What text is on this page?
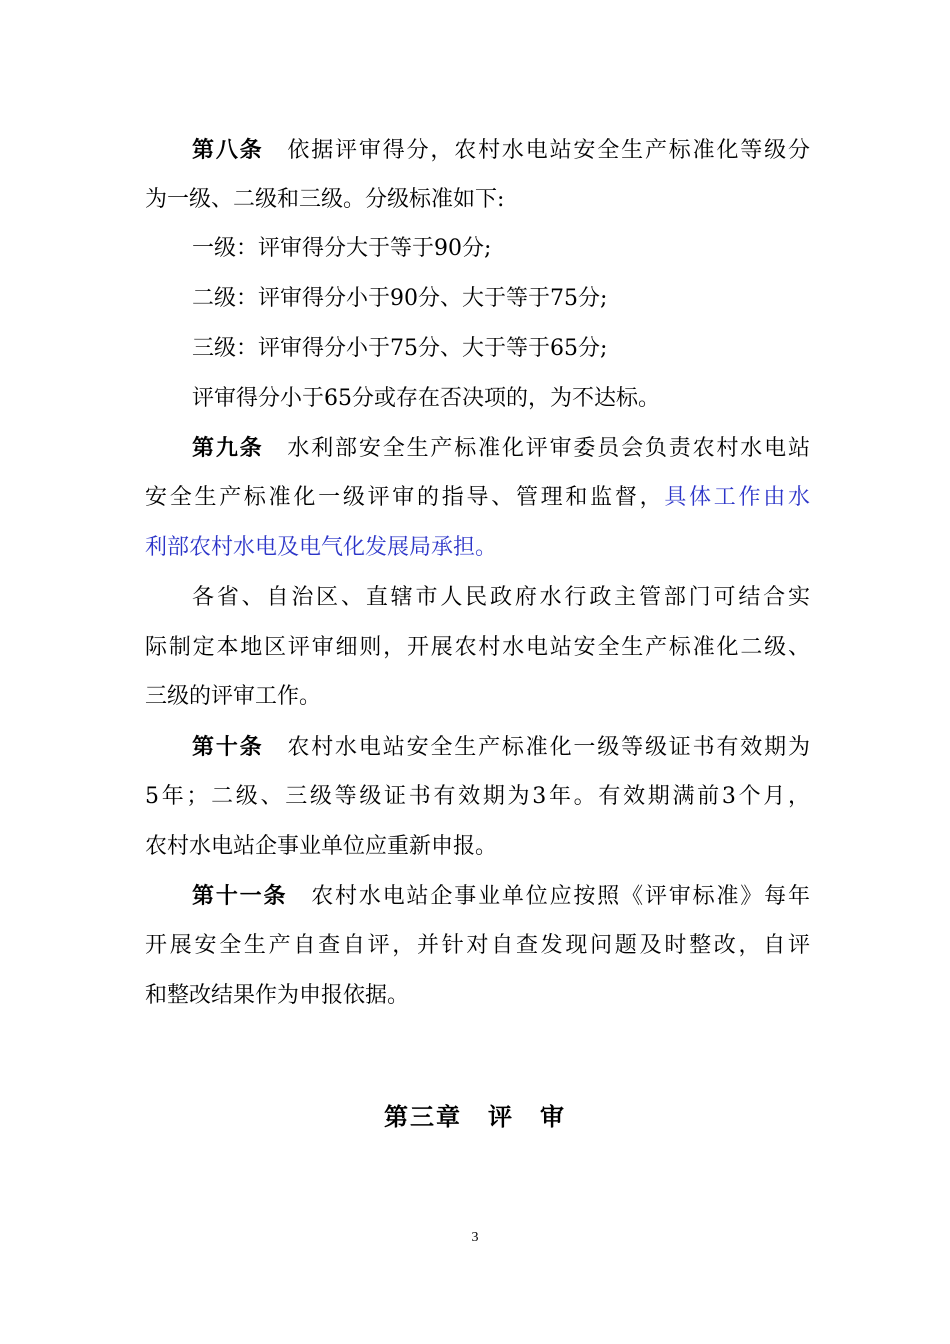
第八条 依据评审得分，农村水电站安全生产标准化等级分
为一级、二级和三级。分级标准如下:
一级：评审得分大于等于90分;
二级：评审得分小于90分、大于等于75分;
三级：评审得分小于75分、大于等于65分;
评审得分小于65分或存在否决项的，为不达标。
第九条 水利部安全生产标准化评审委员会负责农村水电站
安全生产标准化一级评审的指导、管理和监督，具体工作由水
利部农村水电及电气化发展局承担。
各省、自治区、直辖市人民政府水行政主管部门可结合实
际制定本地区评审细则，开展农村水电站安全生产标准化二级、
三级的评审工作。
第十条 农村水电站安全生产标准化一级等级证书有效期为
5年；二级、三级等级证书有效期为3年。有效期满前3个月，
农村水电站企事业单位应重新申报。
第十一条 农村水电站企事业单位应按照《评审标准》每年
开展安全生产自查自评，并针对自查发现问题及时整改，自评
和整改结果作为申报依据。
第三章　评　审
3
